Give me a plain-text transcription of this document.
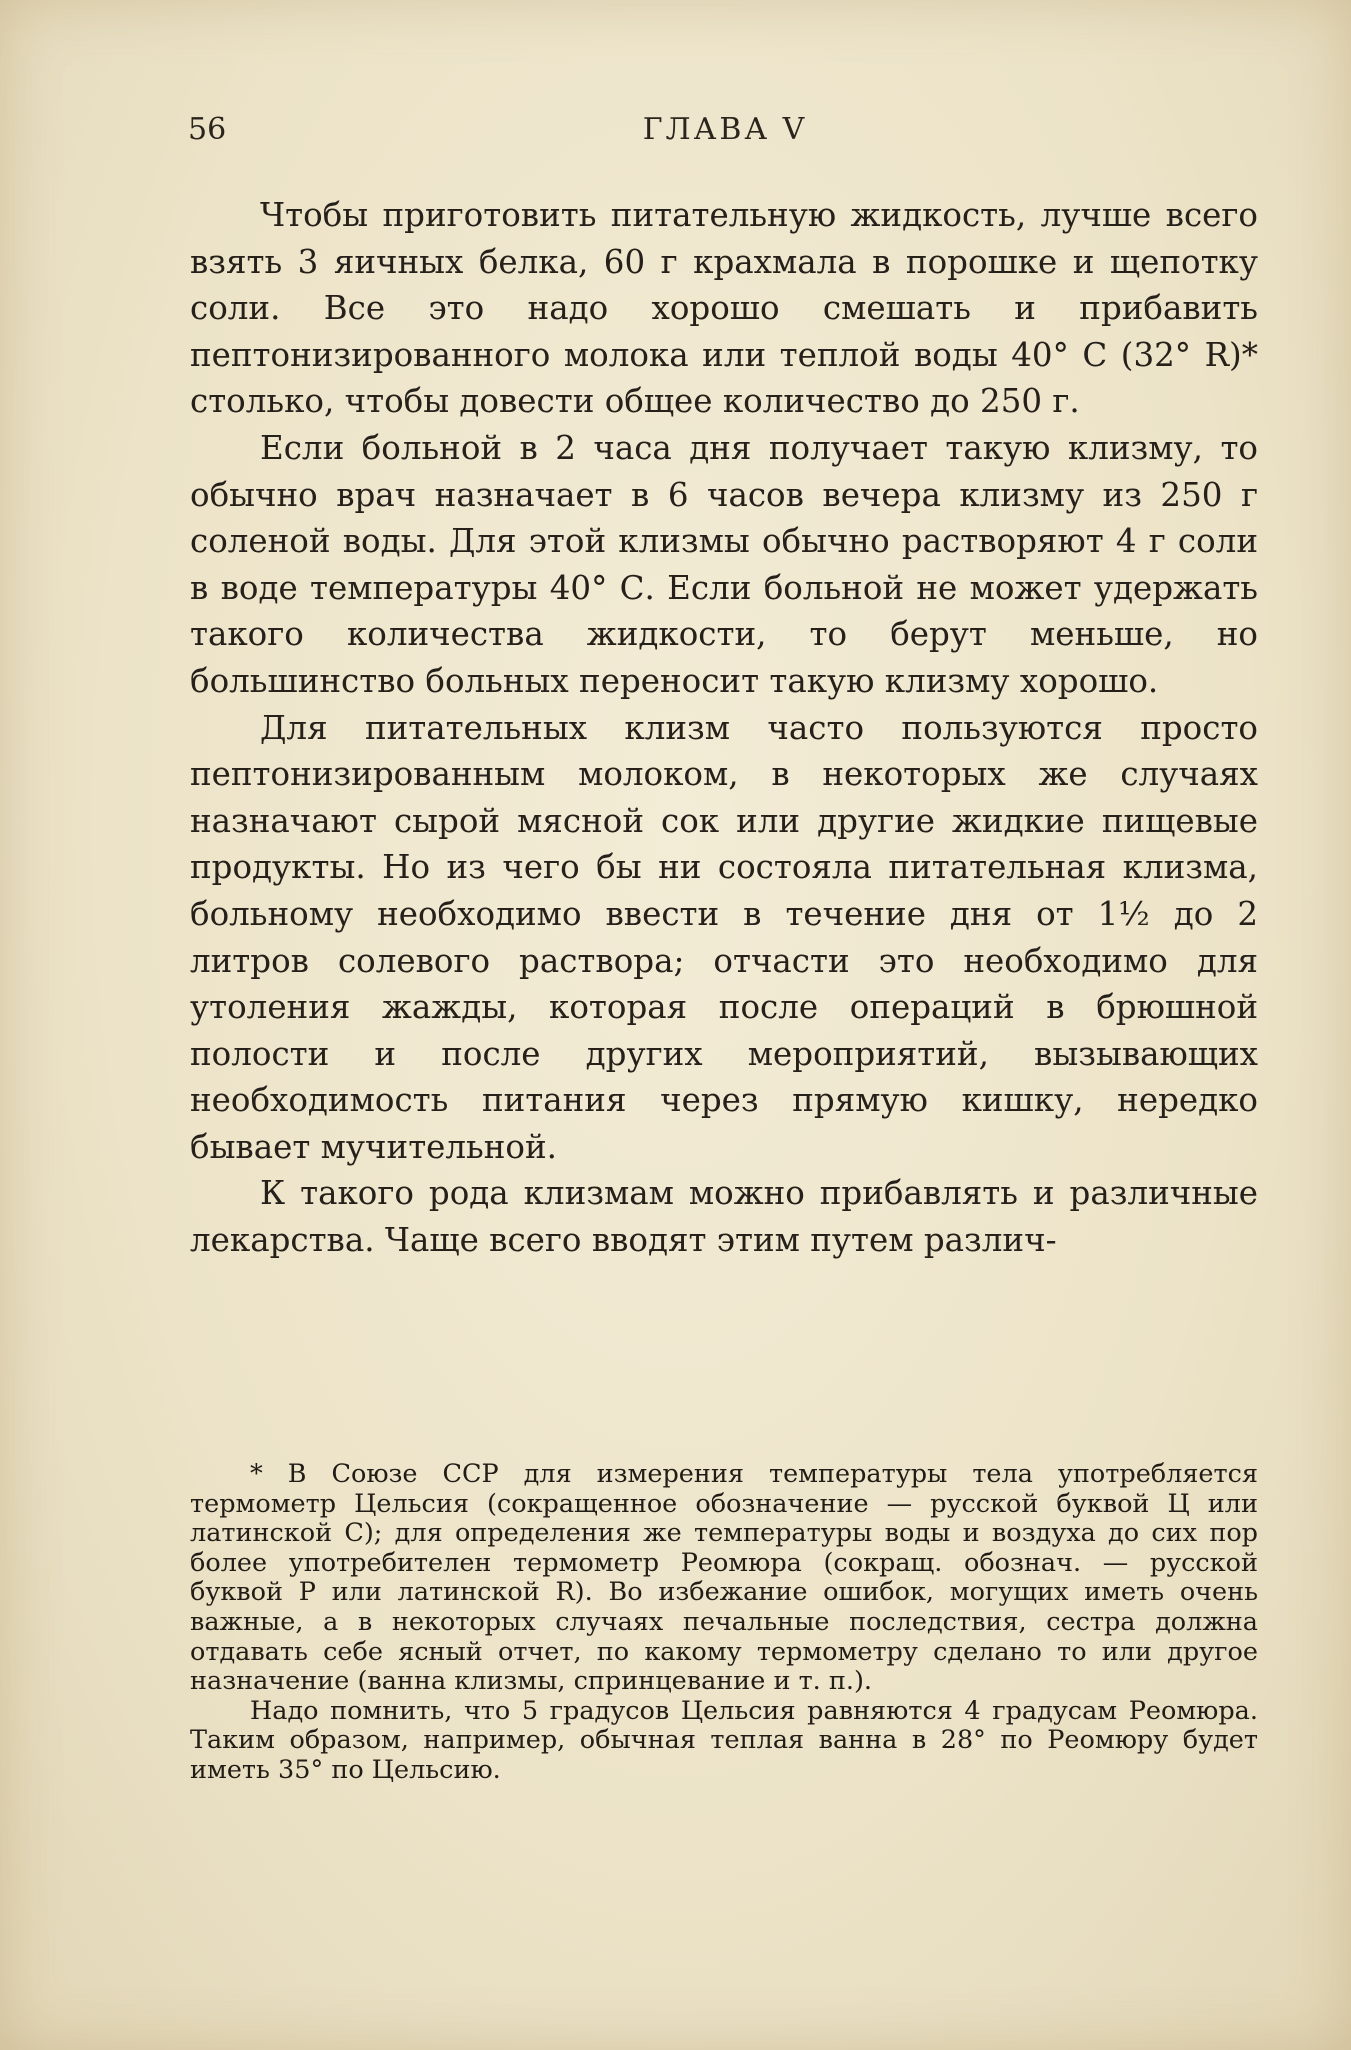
56	ГЛАВА V

Чтобы приготовить питательную жидкость, лучше всего взять 3 яичных белка, 60 г крахмала в порошке и щепотку соли. Все это надо хорошо смешать и прибавить пептонизированного молока или теплой воды 40° С (32° R)* столько, чтобы довести общее количество до 250 г.

Если больной в 2 часа дня получает такую клизму, то обычно врач назначает в 6 часов вечера клизму из 250 г соленой воды. Для этой клизмы обычно растворяют 4 г соли в воде температуры 40° С. Если больной не может удержать такого количества жидкости, то берут меньше, но большинство больных переносит такую клизму хорошо.

Для питательных клизм часто пользуются просто пептонизированным молоком, в некоторых же случаях назначают сырой мясной сок или другие жидкие пищевые продукты. Но из чего бы ни состояла питательная клизма, больному необходимо ввести в течение дня от 1½ до 2 литров солевого раствора; отчасти это необходимо для утоления жажды, которая после операций в брюшной полости и после других мероприятий, вызывающих необходимость питания через прямую кишку, нередко бывает мучительной.

К такого рода клизмам можно прибавлять и различные лекарства. Чаще всего вводят этим путем различ-

* В Союзе ССР для измерения температуры тела употребляется термометр Цельсия (сокращенное обозначение — русской буквой Ц или латинской С); для определения же температуры воды и воздуха до сих пор более употребителен термометр Реомюра (сокращ. обознач. — русской буквой Р или латинской R). Во избежание ошибок, могущих иметь очень важные, а в некоторых случаях печальные последствия, сестра должна отдавать себе ясный отчет, по какому термометру сделано то или другое назначение (ванна клизмы, спринцевание и т. п.).

Надо помнить, что 5 градусов Цельсия равняются 4 градусам Реомюра. Таким образом, например, обычная теплая ванна в 28° по Реомюру будет иметь 35° по Цельсию.
